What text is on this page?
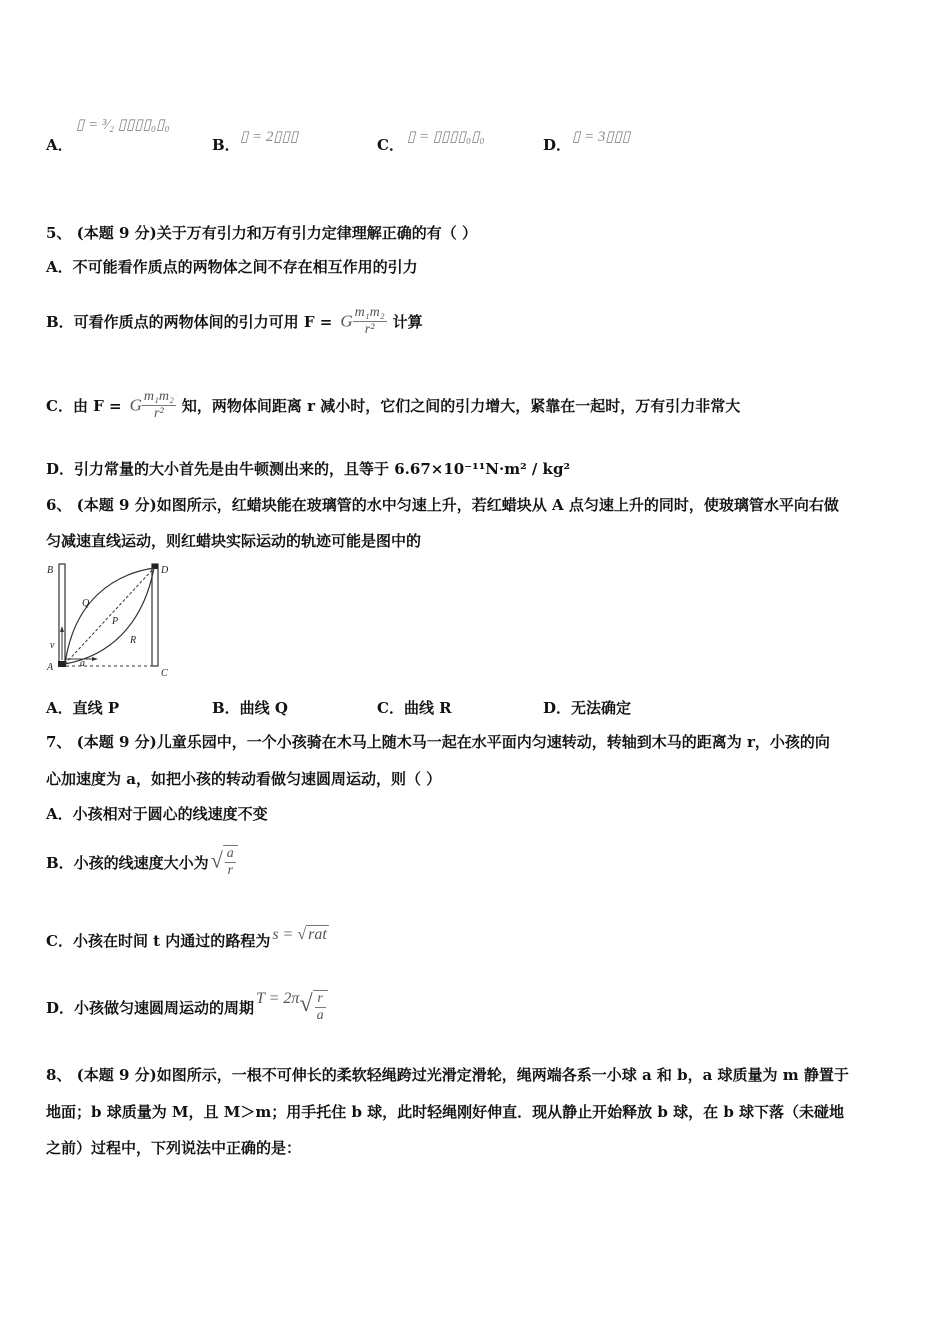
A．	B．	C．	D．
▯ = ³⁄₂ ▯▯▯▯₀▯₀
▯ = 2▯▯▯	▯ = ▯▯▯▯₀▯₀	▯ = 3▯▯▯
5、 (本题 9 分)关于万有引力和万有引力定律理解正确的有（ ）
A．不可能看作质点的两物体之间不存在相互作用的引力
B．可看作质点的两物体间的引力可用 F = G $\frac{\text{m₁m₂}}{\text{r²}}$ 计算
C．由 F = G $\frac{\text{m₁m₂}}{\text{r²}}$ 知，两物体间距离 r 减小时，它们之间的引力增大，紧靠在一起时，万有引力非常大
D．引力常量的大小首先是由牛顿测出来的，且等于 6.67×10⁻¹¹N·m² / kg²
6、 (本题 9 分)如图所示，红蜡块能在玻璃管的水中匀速上升，若红蜡块从 A 点匀速上升的同时，使玻璃管水平向右做
匀减速直线运动，则红蜡块实际运动的轨迹可能是图中的
B	D
Q
P
R
v
A	a
C
A．直线 P	B．曲线 Q	C．曲线 R	D．无法确定
7、 (本题 9 分)儿童乐园中，一个小孩骑在木马上随木马一起在水平面内匀速转动，转轴到木马的距离为 r，小孩的向
心加速度为 a，如把小孩的转动看做匀速圆周运动，则（ ）
A．小孩相对于圆心的线速度不变
B．小孩的线速度大小为 √ $\frac{a}{r}$
C．小孩在时间 t 内通过的路程为 s = √ rat
D．小孩做匀速圆周运动的周期 $T = 2\pi√ \frac{r}{a}$
8、 (本题 9 分)如图所示，一根不可伸长的柔软轻绳跨过光滑定滑轮，绳两端各系一小球 a 和 b，a 球质量为 m 静置于
地面；b 球质量为 M，且 M＞m；用手托住 b 球，此时轻绳刚好伸直．现从静止开始释放 b 球，在 b 球下落（未碰地
之前）过程中，下列说法中正确的是：
